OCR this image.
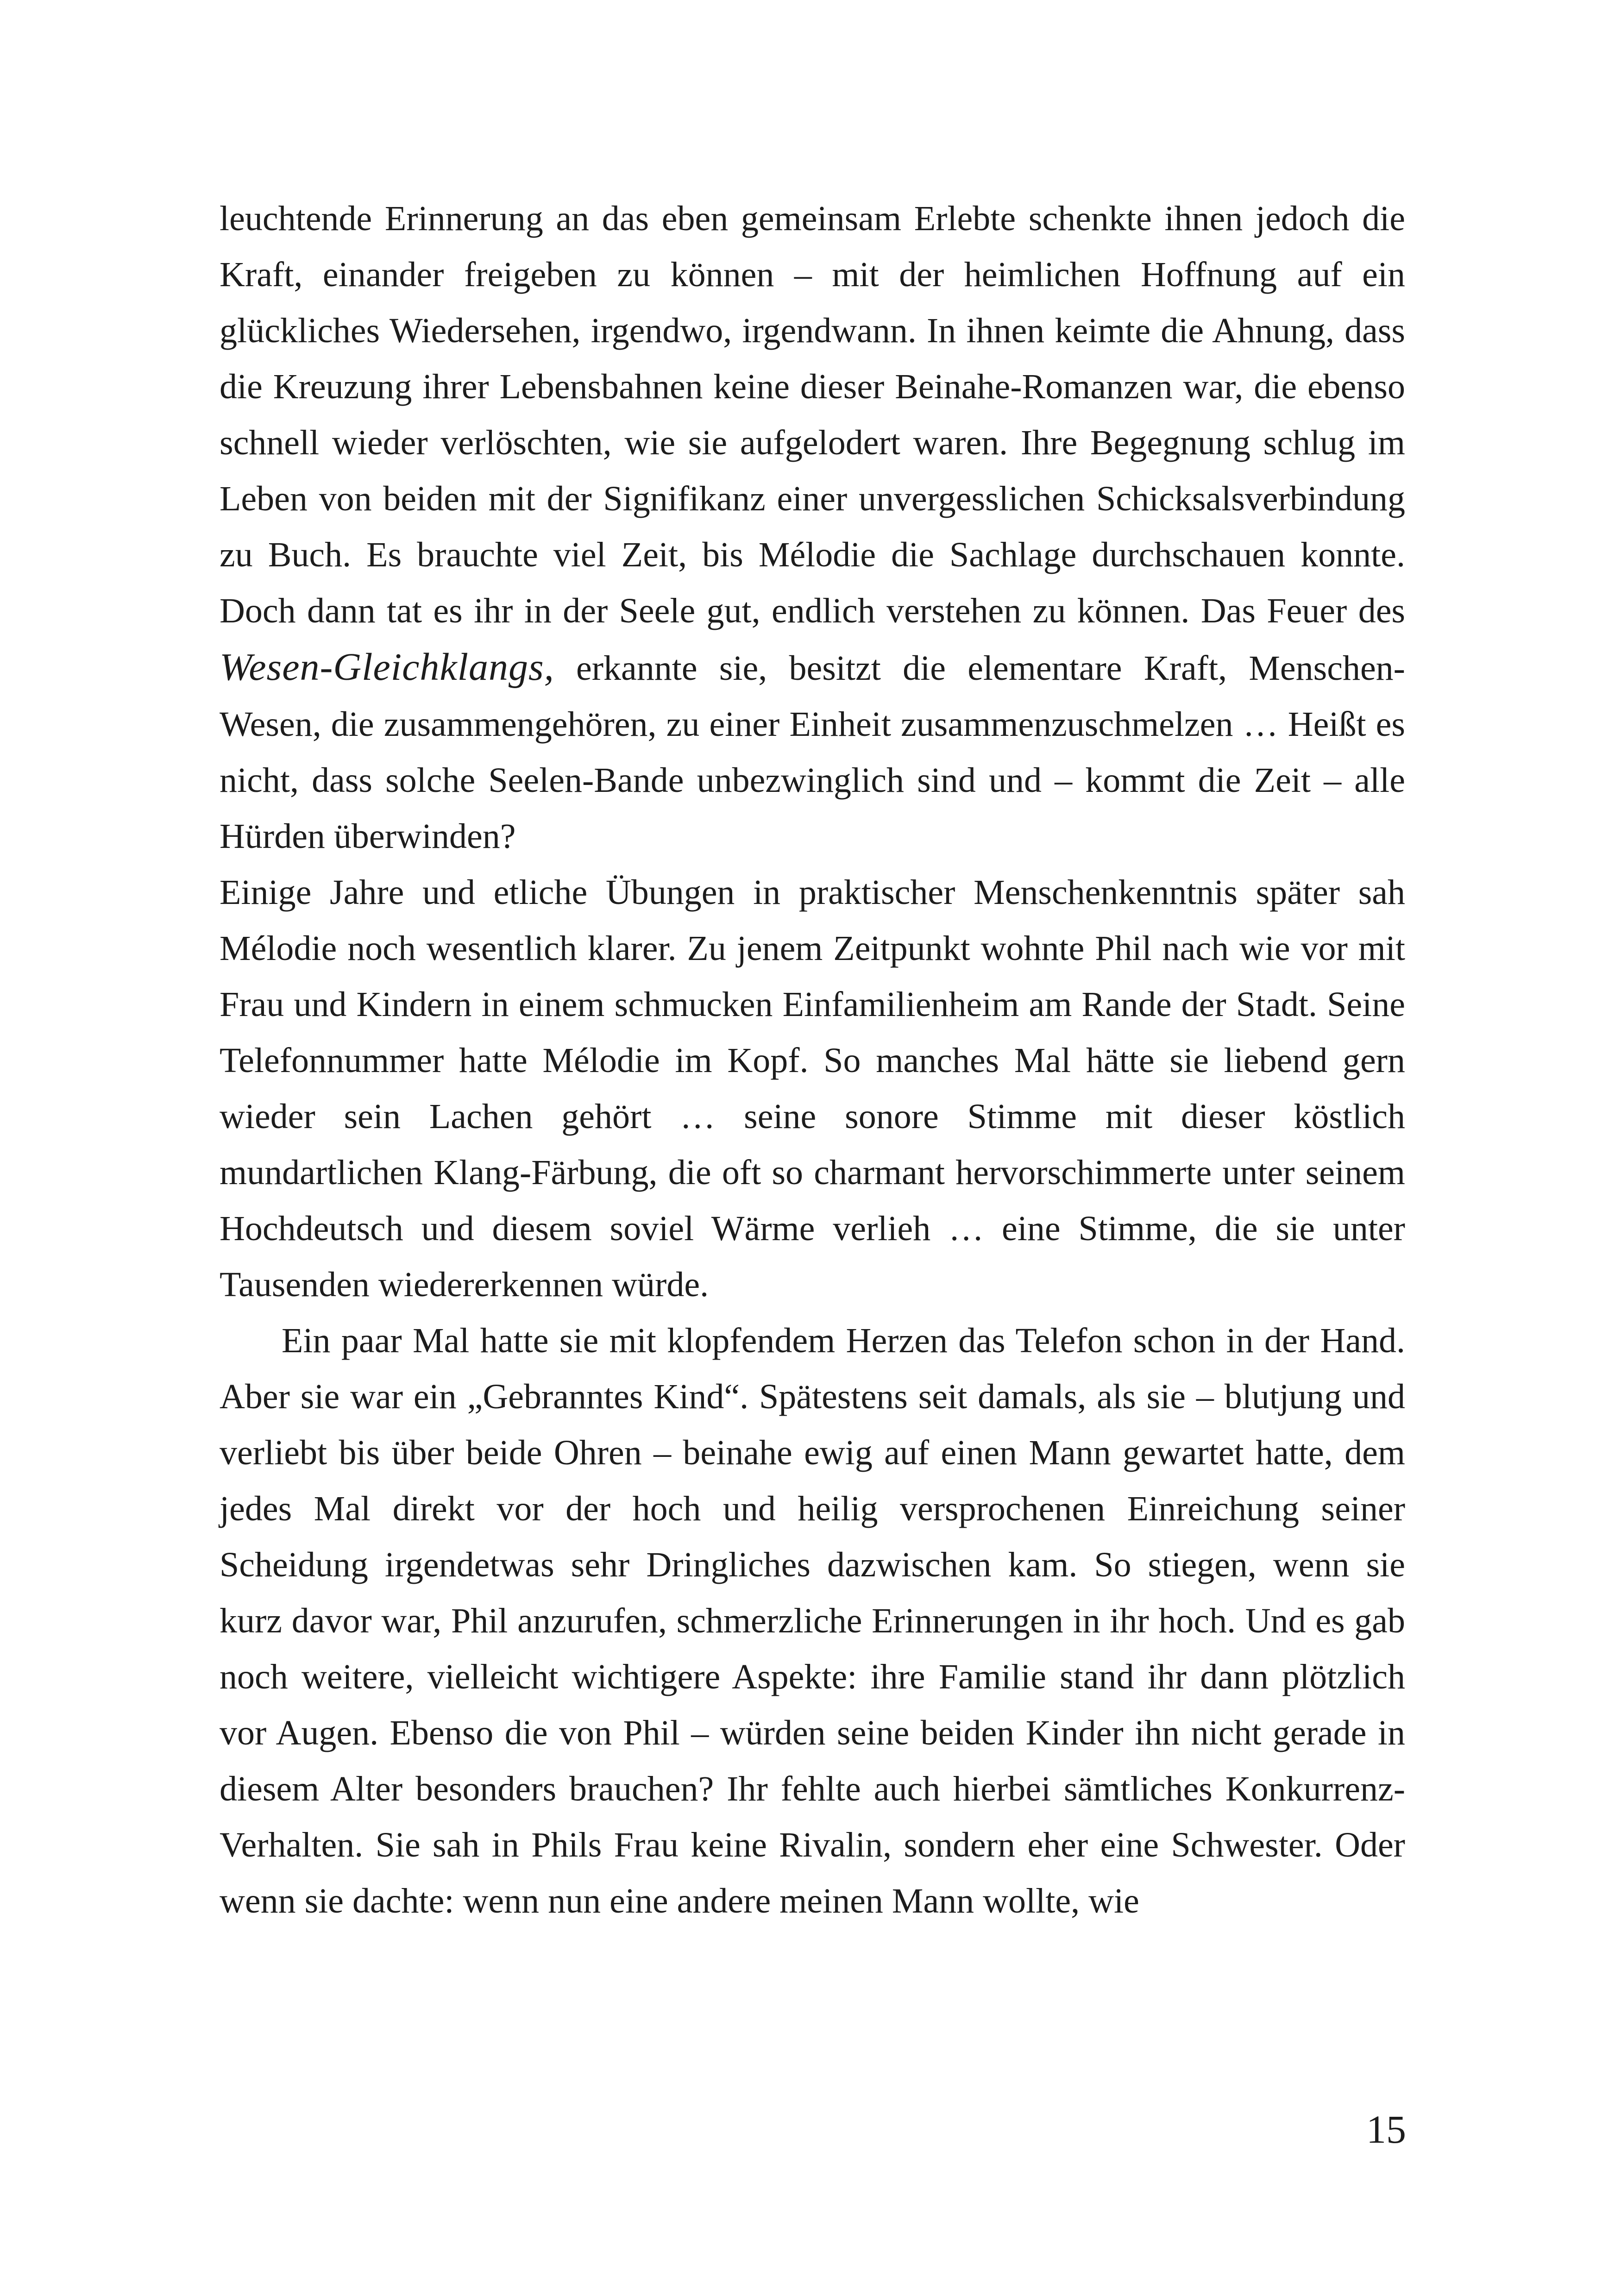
leuchtende Erinnerung an das eben gemeinsam Erlebte schenkte ihnen jedoch die Kraft, einander freigeben zu können – mit der heimlichen Hoffnung auf ein glückliches Wiedersehen, irgendwo, irgendwann. In ihnen keimte die Ahnung, dass die Kreuzung ihrer Lebensbahnen keine dieser Beinahe-Romanzen war, die ebenso schnell wieder verlöschten, wie sie aufgelodert waren. Ihre Begegnung schlug im Leben von beiden mit der Signifikanz einer unvergesslichen Schicksalsverbindung zu Buch. Es brauchte viel Zeit, bis Mélodie die Sachlage durchschauen konnte. Doch dann tat es ihr in der Seele gut, endlich verstehen zu können. Das Feuer des Wesen-Gleichklangs, erkannte sie, besitzt die elementare Kraft, Menschen-Wesen, die zusammengehören, zu einer Einheit zusammenzuschmelzen … Heißt es nicht, dass solche Seelen-Bande unbezwinglich sind und – kommt die Zeit – alle Hürden überwinden?

Einige Jahre und etliche Übungen in praktischer Menschenkenntnis später sah Mélodie noch wesentlich klarer. Zu jenem Zeitpunkt wohnte Phil nach wie vor mit Frau und Kindern in einem schmucken Einfamilienheim am Rande der Stadt. Seine Telefonnummer hatte Mélodie im Kopf. So manches Mal hätte sie liebend gern wieder sein Lachen gehört … seine sonore Stimme mit dieser köstlich mundartlichen Klang-Färbung, die oft so charmant hervorschimmerte unter seinem Hochdeutsch und diesem soviel Wärme verlieh … eine Stimme, die sie unter Tausenden wiedererkennen würde.

Ein paar Mal hatte sie mit klopfendem Herzen das Telefon schon in der Hand. Aber sie war ein „Gebranntes Kind“. Spätestens seit damals, als sie – blutjung und verliebt bis über beide Ohren – beinahe ewig auf einen Mann gewartet hatte, dem jedes Mal direkt vor der hoch und heilig versprochenen Einreichung seiner Scheidung irgendetwas sehr Dringliches dazwischen kam. So stiegen, wenn sie kurz davor war, Phil anzurufen, schmerzliche Erinnerungen in ihr hoch. Und es gab noch weitere, vielleicht wichtigere Aspekte: ihre Familie stand ihr dann plötzlich vor Augen. Ebenso die von Phil – würden seine beiden Kinder ihn nicht gerade in diesem Alter besonders brauchen? Ihr fehlte auch hierbei sämtliches Konkurrenz-Verhalten. Sie sah in Phils Frau keine Rivalin, sondern eher eine Schwester. Oder wenn sie dachte: wenn nun eine andere meinen Mann wollte, wie

15
